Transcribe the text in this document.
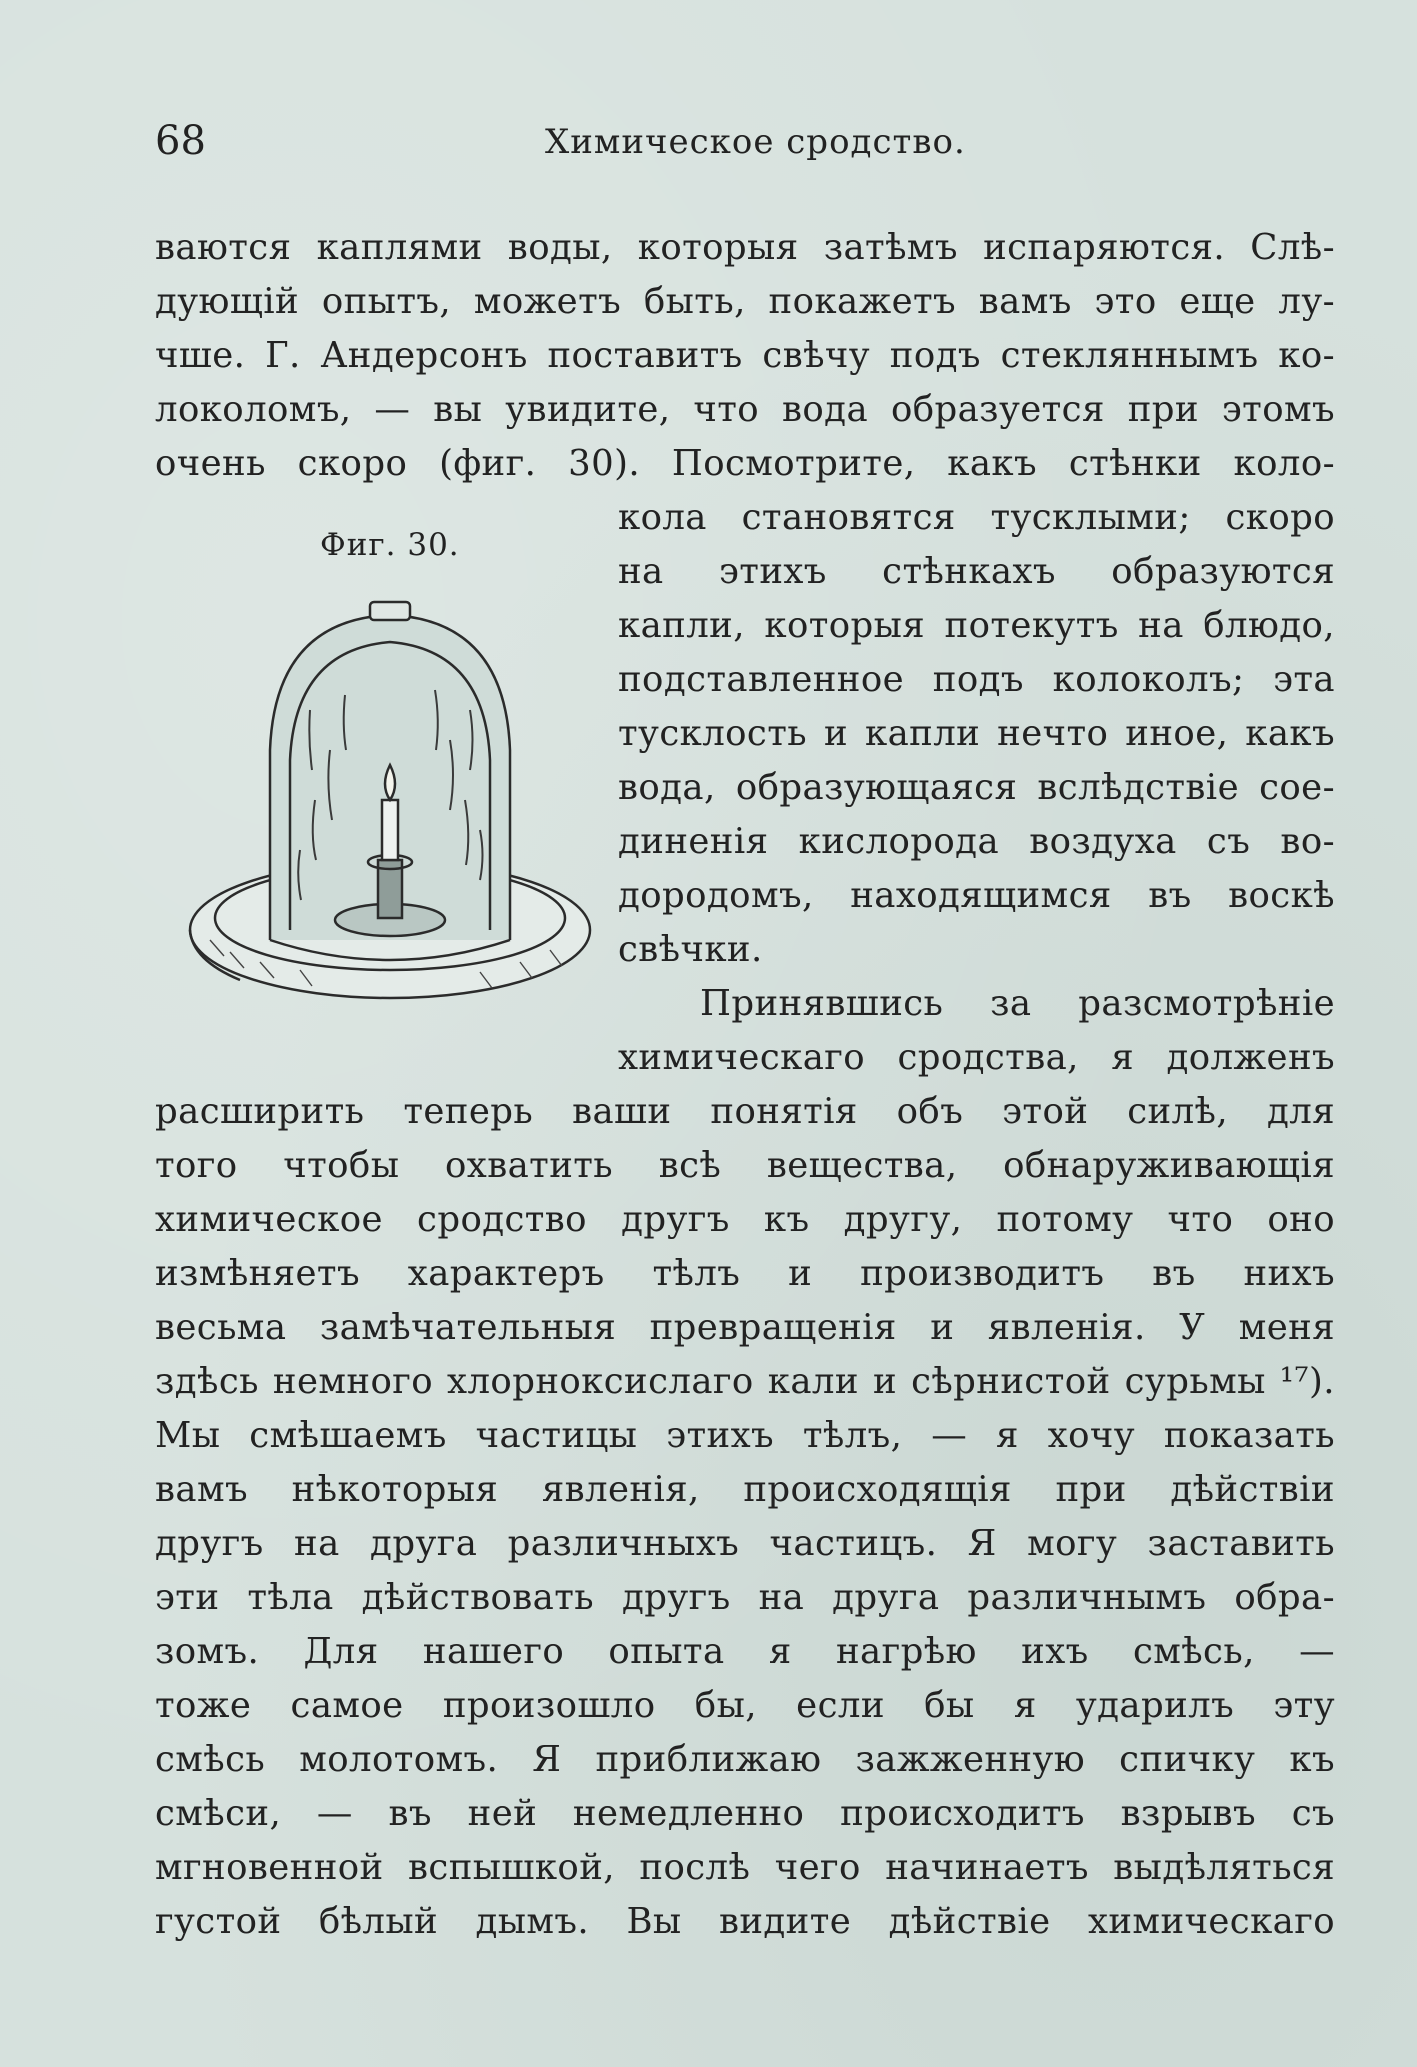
68	Химическое сродство.
ваются каплями воды, которыя затѣмъ испаряются. Слѣ-
дующій опытъ, можетъ быть, покажетъ вамъ это еще лу-
чше. Г. Андерсонъ поставитъ свѣчу подъ стекляннымъ ко-
локоломъ, — вы увидите, что вода образуется при этомъ
очень скоро (фиг. 30). Посмотрите, какъ стѣнки коло-
кола становятся тусклыми; скоро
на этихъ стѣнкахъ образуются
капли, которыя потекутъ на блюдо,
подставленное подъ колоколъ; эта
тусклость и капли нечто иное, какъ
вода, образующаяся вслѣдствіе сое-
диненія кислорода воздуха съ во-
дородомъ, находящимся въ воскѣ
свѣчки.
Принявшись за разсмотрѣніе
химическаго сродства, я долженъ
расширить теперь ваши понятія объ этой силѣ, для
того чтобы охватить всѣ вещества, обнаруживающія
химическое сродство другъ къ другу, потому что оно
измѣняетъ характеръ тѣлъ и производитъ въ нихъ
весьма замѣчательныя превращенія и явленія. У меня
здѣсь немного хлорноксислаго кали и сѣрнистой сурьмы ¹⁷).
Мы смѣшаемъ частицы этихъ тѣлъ, — я хочу показать
вамъ нѣкоторыя явленія, происходящія при дѣйствіи
другъ на друга различныхъ частицъ. Я могу заставить
эти тѣла дѣйствовать другъ на друга различнымъ обра-
зомъ. Для нашего опыта я нагрѣю ихъ смѣсь, —
тоже самое произошло бы, если бы я ударилъ эту
смѣсь молотомъ. Я приближаю зажженную спичку къ
смѣси, — въ ней немедленно происходитъ взрывъ съ
мгновенной вспышкой, послѣ чего начинаетъ выдѣляться
густой бѣлый дымъ. Вы видите дѣйствіе химическаго
Фиг. 30.
